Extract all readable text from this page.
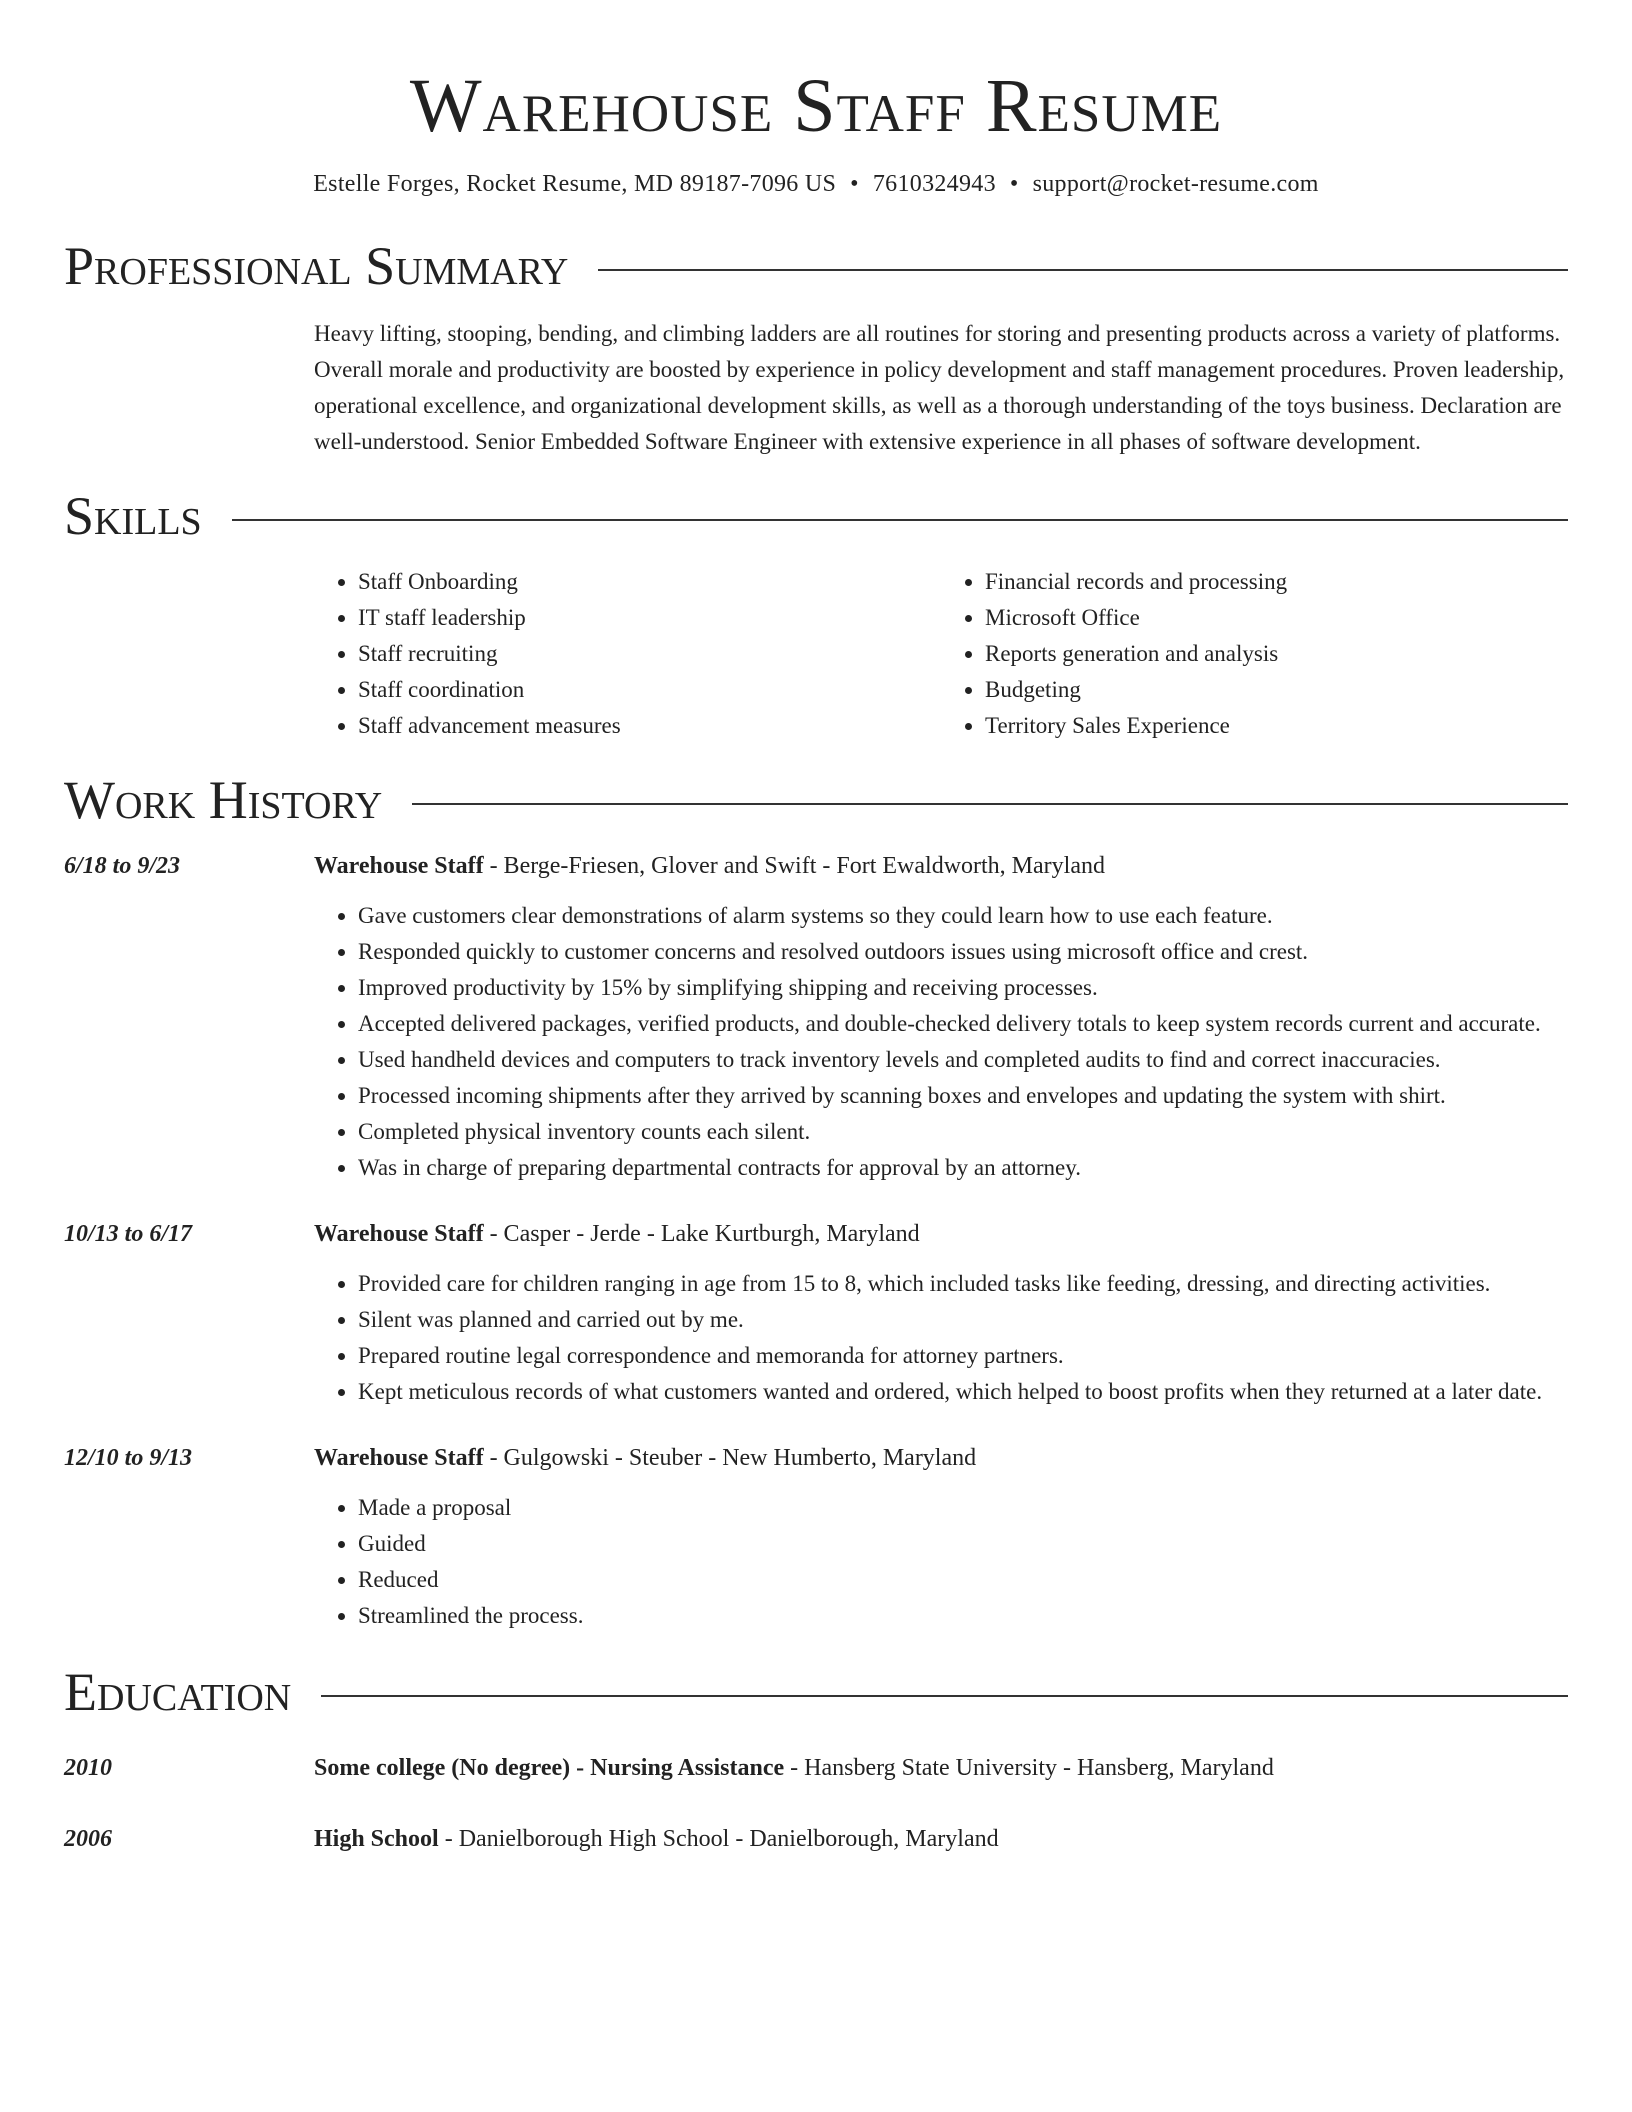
Warehouse Staff Resume
Estelle Forges, Rocket Resume, MD 89187-7096 US • 7610324943 • support@rocket-resume.com
Professional Summary
Heavy lifting, stooping, bending, and climbing ladders are all routines for storing and presenting products across a variety of platforms. Overall morale and productivity are boosted by experience in policy development and staff management procedures. Proven leadership, operational excellence, and organizational development skills, as well as a thorough understanding of the toys business. Declaration are well-understood. Senior Embedded Software Engineer with extensive experience in all phases of software development.
Skills
• Staff Onboarding
• IT staff leadership
• Staff recruiting
• Staff coordination
• Staff advancement measures
• Financial records and processing
• Microsoft Office
• Reports generation and analysis
• Budgeting
• Territory Sales Experience
Work History
6/18 to 9/23	Warehouse Staff - Berge-Friesen, Glover and Swift - Fort Ewaldworth, Maryland
• Gave customers clear demonstrations of alarm systems so they could learn how to use each feature.
• Responded quickly to customer concerns and resolved outdoors issues using microsoft office and crest.
• Improved productivity by 15% by simplifying shipping and receiving processes.
• Accepted delivered packages, verified products, and double-checked delivery totals to keep system records current and accurate.
• Used handheld devices and computers to track inventory levels and completed audits to find and correct inaccuracies.
• Processed incoming shipments after they arrived by scanning boxes and envelopes and updating the system with shirt.
• Completed physical inventory counts each silent.
• Was in charge of preparing departmental contracts for approval by an attorney.
10/13 to 6/17	Warehouse Staff - Casper - Jerde - Lake Kurtburgh, Maryland
• Provided care for children ranging in age from 15 to 8, which included tasks like feeding, dressing, and directing activities.
• Silent was planned and carried out by me.
• Prepared routine legal correspondence and memoranda for attorney partners.
• Kept meticulous records of what customers wanted and ordered, which helped to boost profits when they returned at a later date.
12/10 to 9/13	Warehouse Staff - Gulgowski - Steuber - New Humberto, Maryland
• Made a proposal
• Guided
• Reduced
• Streamlined the process.
Education
2010	Some college (No degree) - Nursing Assistance - Hansberg State University - Hansberg, Maryland
2006	High School - Danielborough High School - Danielborough, Maryland
